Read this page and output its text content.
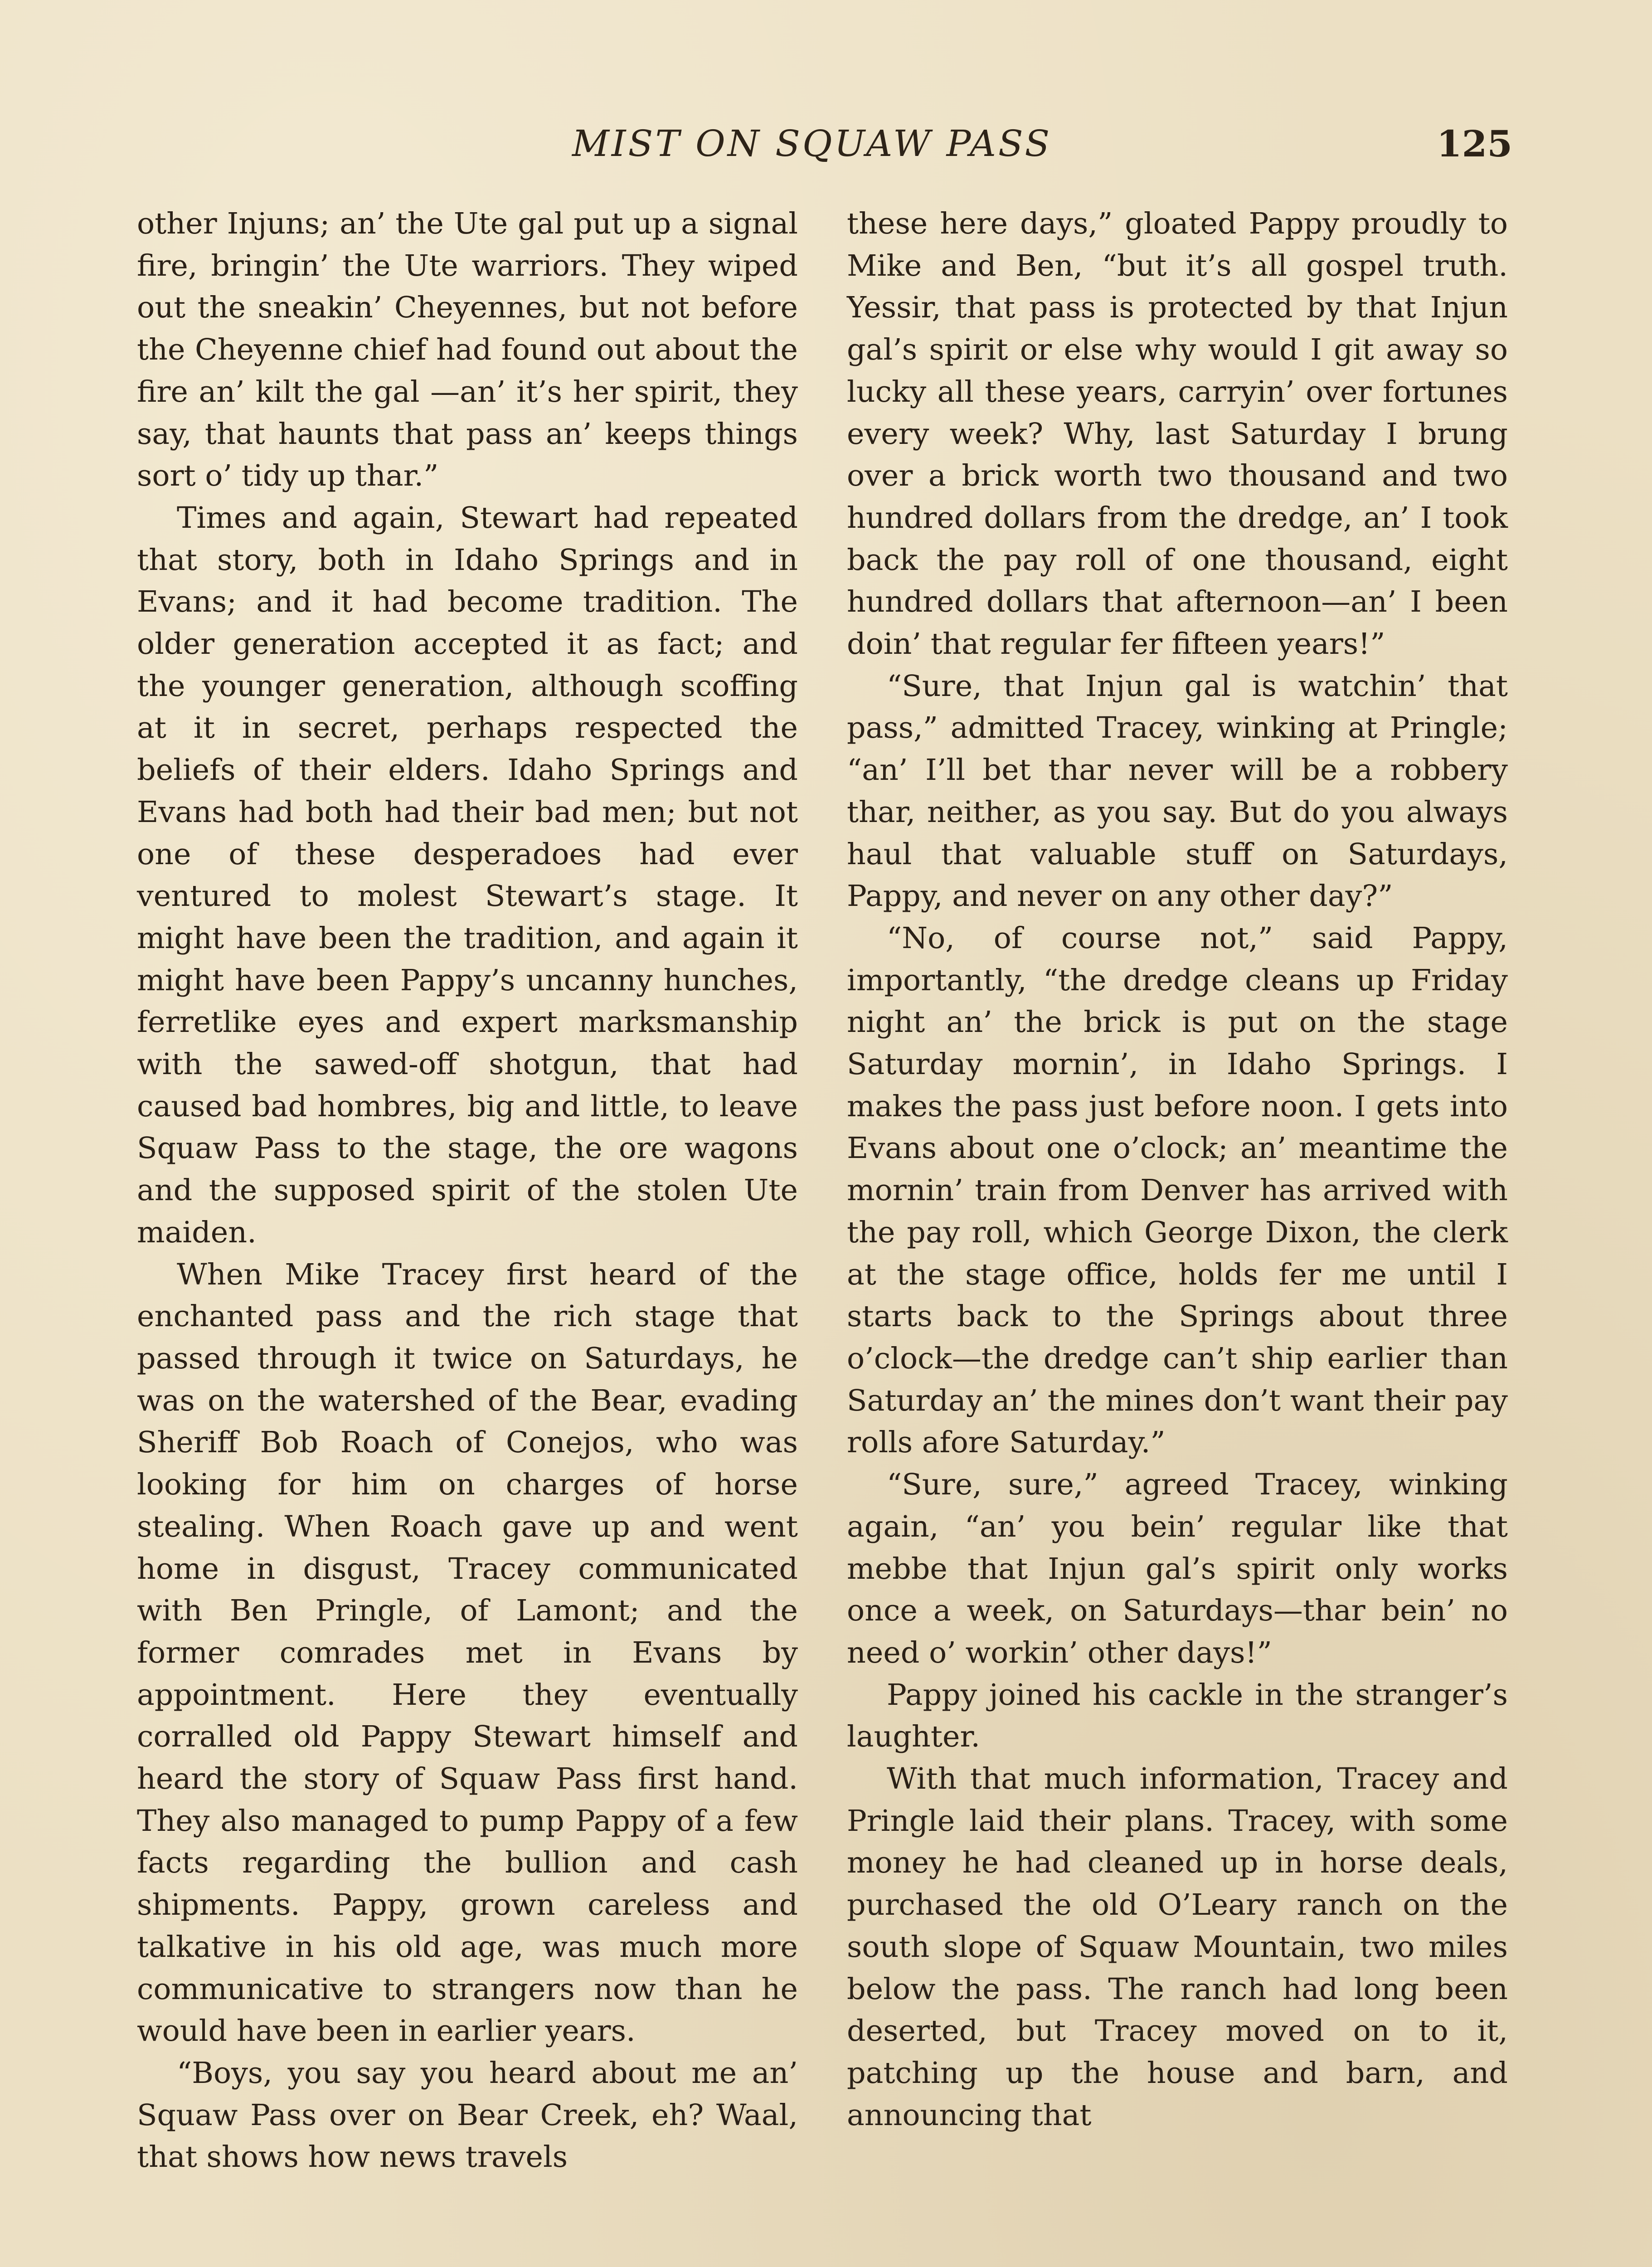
MIST ON SQUAW PASS	125

other Injuns; an’ the Ute gal put up a signal fire, bringin’ the Ute warriors. They wiped out the sneakin’ Cheyennes, but not before the Cheyenne chief had found out about the fire an’ kilt the gal —an’ it’s her spirit, they say, that haunts that pass an’ keeps things sort o’ tidy up thar.”

Times and again, Stewart had repeated that story, both in Idaho Springs and in Evans; and it had become tradition. The older generation accepted it as fact; and the younger generation, although scoffing at it in secret, perhaps respected the beliefs of their elders. Idaho Springs and Evans had both had their bad men; but not one of these desperadoes had ever ventured to molest Stewart’s stage. It might have been the tradition, and again it might have been Pappy’s uncanny hunches, ferretlike eyes and expert marksmanship with the sawed-off shotgun, that had caused bad hombres, big and little, to leave Squaw Pass to the stage, the ore wagons and the supposed spirit of the stolen Ute maiden.

When Mike Tracey first heard of the enchanted pass and the rich stage that passed through it twice on Saturdays, he was on the watershed of the Bear, evading Sheriff Bob Roach of Conejos, who was looking for him on charges of horse stealing. When Roach gave up and went home in disgust, Tracey communicated with Ben Pringle, of Lamont; and the former comrades met in Evans by appointment. Here they eventually corralled old Pappy Stewart himself and heard the story of Squaw Pass first hand. They also managed to pump Pappy of a few facts regarding the bullion and cash shipments. Pappy, grown careless and talkative in his old age, was much more communicative to strangers now than he would have been in earlier years.

“Boys, you say you heard about me an’ Squaw Pass over on Bear Creek, eh? Waal, that shows how news travels

these here days,” gloated Pappy proudly to Mike and Ben, “but it’s all gospel truth. Yessir, that pass is protected by that Injun gal’s spirit or else why would I git away so lucky all these years, carryin’ over fortunes every week? Why, last Saturday I brung over a brick worth two thousand and two hundred dollars from the dredge, an’ I took back the pay roll of one thousand, eight hundred dollars that afternoon—an’ I been doin’ that regular fer fifteen years!”

“Sure, that Injun gal is watchin’ that pass,” admitted Tracey, winking at Pringle; “an’ I’ll bet thar never will be a robbery thar, neither, as you say. But do you always haul that valuable stuff on Saturdays, Pappy, and never on any other day?”

“No, of course not,” said Pappy, importantly, “the dredge cleans up Friday night an’ the brick is put on the stage Saturday mornin’, in Idaho Springs. I makes the pass just before noon. I gets into Evans about one o’clock; an’ meantime the mornin’ train from Denver has arrived with the pay roll, which George Dixon, the clerk at the stage office, holds fer me until I starts back to the Springs about three o’clock—the dredge can’t ship earlier than Saturday an’ the mines don’t want their pay rolls afore Saturday.”

“Sure, sure,” agreed Tracey, winking again, “an’ you bein’ regular like that mebbe that Injun gal’s spirit only works once a week, on Saturdays—thar bein’ no need o’ workin’ other days!”

Pappy joined his cackle in the stranger’s laughter.

With that much information, Tracey and Pringle laid their plans. Tracey, with some money he had cleaned up in horse deals, purchased the old O’Leary ranch on the south slope of Squaw Mountain, two miles below the pass. The ranch had long been deserted, but Tracey moved on to it, patching up the house and barn, and announcing that
